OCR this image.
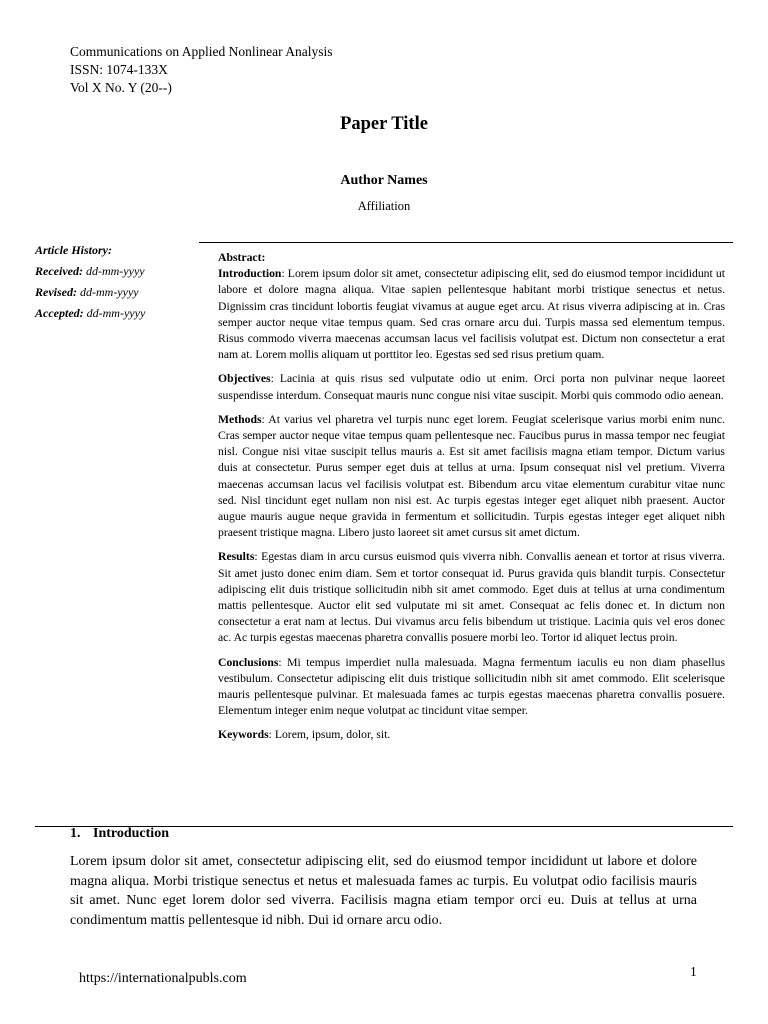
Communications on Applied Nonlinear Analysis
ISSN: 1074-133X
Vol X No. Y (20--)
Paper Title
Author Names
Affiliation
Article History:
Received: dd-mm-yyyy
Revised: dd-mm-yyyy
Accepted: dd-mm-yyyy

Abstract:

Introduction: Lorem ipsum dolor sit amet, consectetur adipiscing elit, sed do eiusmod tempor incididunt ut labore et dolore magna aliqua. Vitae sapien pellentesque habitant morbi tristique senectus et netus. Dignissim cras tincidunt lobortis feugiat vivamus at augue eget arcu. At risus viverra adipiscing at in. Cras semper auctor neque vitae tempus quam. Sed cras ornare arcu dui. Turpis massa sed elementum tempus. Risus commodo viverra maecenas accumsan lacus vel facilisis volutpat est. Dictum non consectetur a erat nam at. Lorem mollis aliquam ut porttitor leo. Egestas sed sed risus pretium quam.

Objectives: Lacinia at quis risus sed vulputate odio ut enim. Orci porta non pulvinar neque laoreet suspendisse interdum. Consequat mauris nunc congue nisi vitae suscipit. Morbi quis commodo odio aenean.

Methods: At varius vel pharetra vel turpis nunc eget lorem. Feugiat scelerisque varius morbi enim nunc. Cras semper auctor neque vitae tempus quam pellentesque nec. Faucibus purus in massa tempor nec feugiat nisl. Congue nisi vitae suscipit tellus mauris a. Est sit amet facilisis magna etiam tempor. Dictum varius duis at consectetur. Purus semper eget duis at tellus at urna. Ipsum consequat nisl vel pretium. Viverra maecenas accumsan lacus vel facilisis volutpat est. Bibendum arcu vitae elementum curabitur vitae nunc sed. Nisl tincidunt eget nullam non nisi est. Ac turpis egestas integer eget aliquet nibh praesent. Auctor augue mauris augue neque gravida in fermentum et sollicitudin. Turpis egestas integer eget aliquet nibh praesent tristique magna. Libero justo laoreet sit amet cursus sit amet dictum.

Results: Egestas diam in arcu cursus euismod quis viverra nibh. Convallis aenean et tortor at risus viverra. Sit amet justo donec enim diam. Sem et tortor consequat id. Purus gravida quis blandit turpis. Consectetur adipiscing elit duis tristique sollicitudin nibh sit amet commodo. Eget duis at tellus at urna condimentum mattis pellentesque. Auctor elit sed vulputate mi sit amet. Consequat ac felis donec et. In dictum non consectetur a erat nam at lectus. Dui vivamus arcu felis bibendum ut tristique. Lacinia quis vel eros donec ac. Ac turpis egestas maecenas pharetra convallis posuere morbi leo. Tortor id aliquet lectus proin.

Conclusions: Mi tempus imperdiet nulla malesuada. Magna fermentum iaculis eu non diam phasellus vestibulum. Consectetur adipiscing elit duis tristique sollicitudin nibh sit amet commodo. Elit scelerisque mauris pellentesque pulvinar. Et malesuada fames ac turpis egestas maecenas pharetra convallis posuere. Elementum integer enim neque volutpat ac tincidunt vitae semper.

Keywords: Lorem, ipsum, dolor, sit.

1. Introduction
Lorem ipsum dolor sit amet, consectetur adipiscing elit, sed do eiusmod tempor incididunt ut labore et dolore magna aliqua. Morbi tristique senectus et netus et malesuada fames ac turpis. Eu volutpat odio facilisis mauris sit amet. Nunc eget lorem dolor sed viverra. Facilisis magna etiam tempor orci eu. Duis at tellus at urna condimentum mattis pellentesque id nibh. Dui id ornare arcu odio.
https://internationalpubls.com	1
